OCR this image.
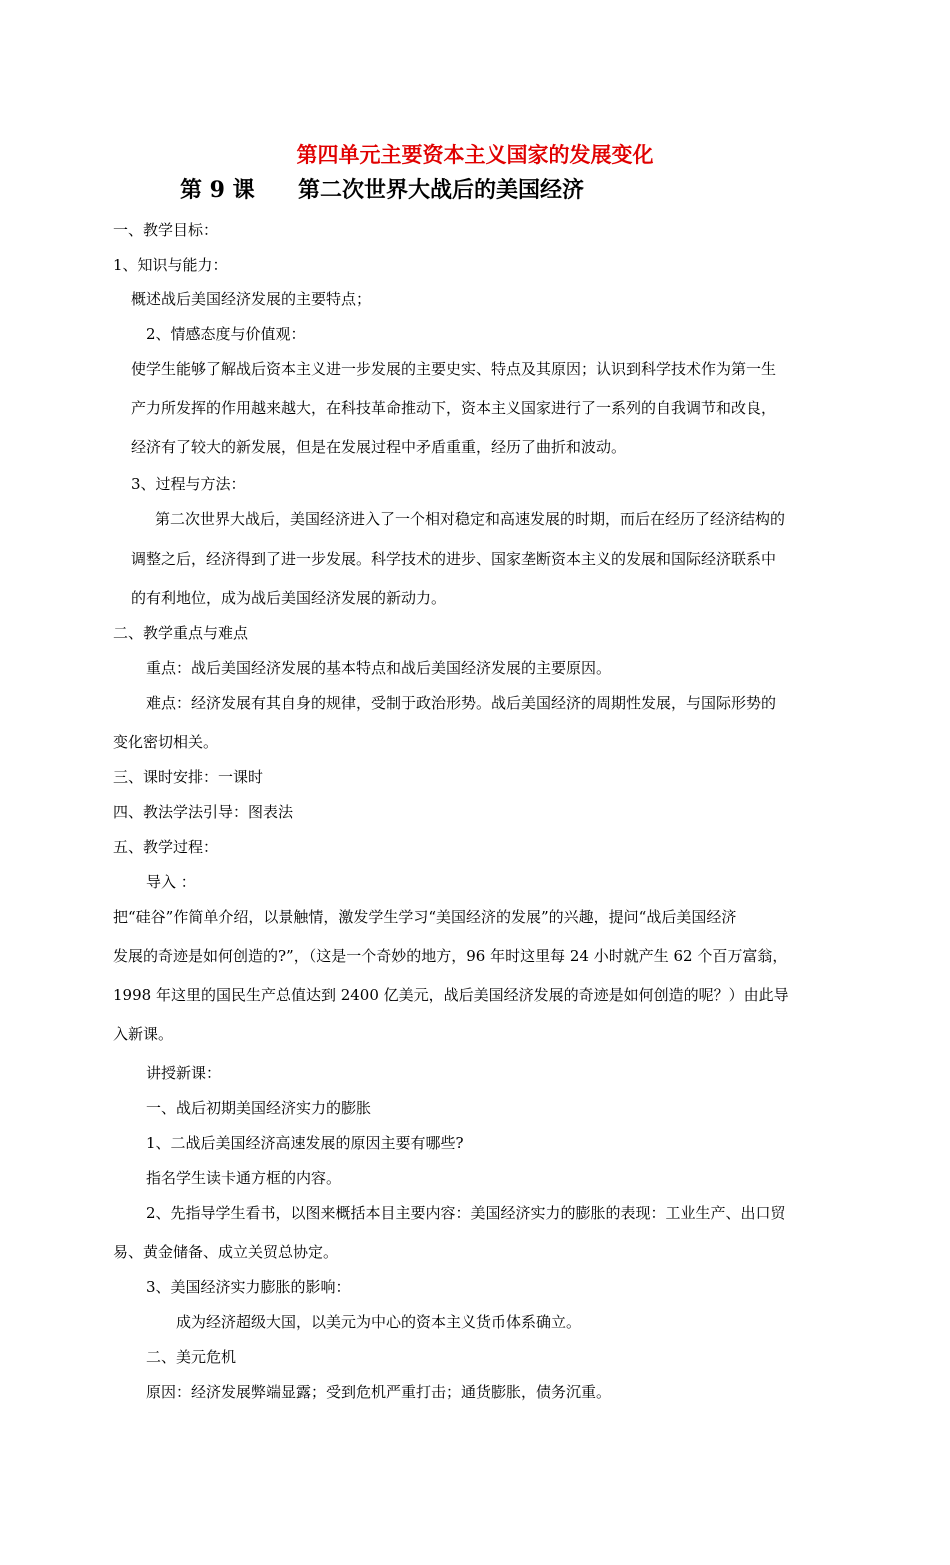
第四单元主要资本主义国家的发展变化
第 9 课 第二次世界大战后的美国经济
一、教学目标：
1、知识与能力：
概述战后美国经济发展的主要特点；
2、情感态度与价值观：
使学生能够了解战后资本主义进一步发展的主要史实、特点及其原因；认识到科学技术作为第一生
产力所发挥的作用越来越大，在科技革命推动下，资本主义国家进行了一系列的自我调节和改良，
经济有了较大的新发展，但是在发展过程中矛盾重重，经历了曲折和波动。
3、过程与方法：
第二次世界大战后，美国经济进入了一个相对稳定和高速发展的时期，而后在经历了经济结构的
调整之后，经济得到了进一步发展。科学技术的进步、国家垄断资本主义的发展和国际经济联系中
的有利地位，成为战后美国经济发展的新动力。
二、教学重点与难点
重点：战后美国经济发展的基本特点和战后美国经济发展的主要原因。
难点：经济发展有其自身的规律，受制于政治形势。战后美国经济的周期性发展，与国际形势的
变化密切相关。
三、课时安排：一课时
四、教法学法引导：图表法
五、教学过程：
导入 ：
把“硅谷”作简单介绍，以景触情，激发学生学习“美国经济的发展”的兴趣，提问“战后美国经济
发展的奇迹是如何创造的?”，（这是一个奇妙的地方，96 年时这里每 24 小时就产生 62 个百万富翁，
1998 年这里的国民生产总值达到 2400 亿美元，战后美国经济发展的奇迹是如何创造的呢？）由此导
入新课。
讲授新课：
一、战后初期美国经济实力的膨胀
1、二战后美国经济高速发展的原因主要有哪些?
指名学生读卡通方框的内容。
2、先指导学生看书，以图来概括本目主要内容：美国经济实力的膨胀的表现：工业生产、出口贸
易、黄金储备、成立关贸总协定。
3、美国经济实力膨胀的影响：
成为经济超级大国，以美元为中心的资本主义货币体系确立。
二、美元危机
原因：经济发展弊端显露；受到危机严重打击；通货膨胀，债务沉重。
